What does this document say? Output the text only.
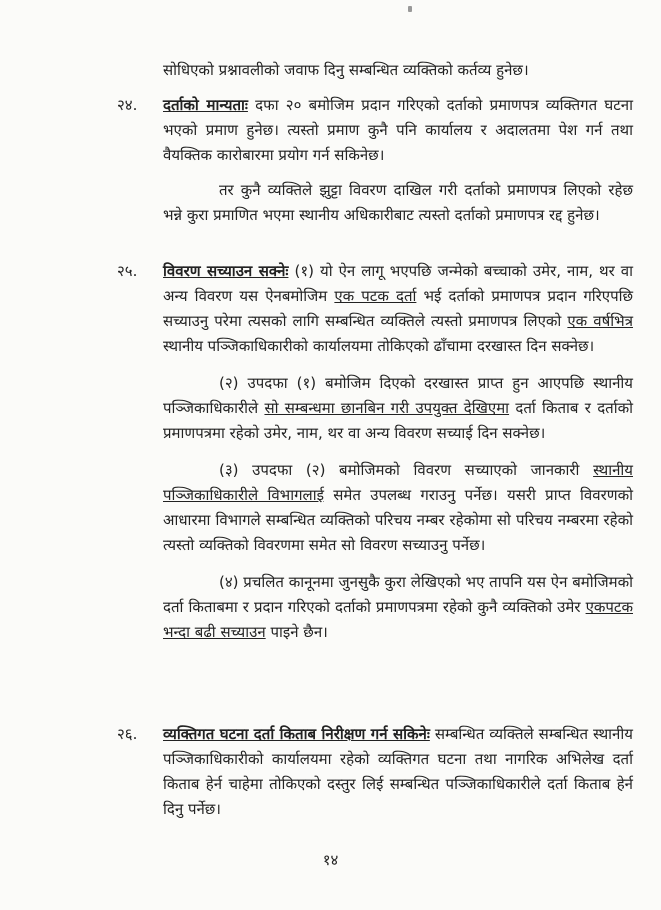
सोधिएको प्रश्नावलीको जवाफ दिनु सम्बन्धित व्यक्तिको कर्तव्य हुनेछ।

२४. दर्ताको मान्यताः दफा २० बमोजिम प्रदान गरिएको दर्ताको प्रमाणपत्र व्यक्तिगत घटना भएको प्रमाण हुनेछ। त्यस्तो प्रमाण कुनै पनि कार्यालय र अदालतमा पेश गर्न तथा वैयक्तिक कारोबारमा प्रयोग गर्न सकिनेछ।

तर कुनै व्यक्तिले झुट्टा विवरण दाखिल गरी दर्ताको प्रमाणपत्र लिएको रहेछ भन्ने कुरा प्रमाणित भएमा स्थानीय अधिकारीबाट त्यस्तो दर्ताको प्रमाणपत्र रद्द हुनेछ।

२५. विवरण सच्याउन सक्नेः (१) यो ऐन लागू भएपछि जन्मेको बच्चाको उमेर, नाम, थर वा अन्य विवरण यस ऐनबमोजिम एक पटक दर्ता भई दर्ताको प्रमाणपत्र प्रदान गरिएपछि सच्याउनु परेमा त्यसको लागि सम्बन्धित व्यक्तिले त्यस्तो प्रमाणपत्र लिएको एक वर्षभित्र स्थानीय पञ्जिकाधिकारीको कार्यालयमा तोकिएको ढाँचामा दरखास्त दिन सक्नेछ।

(२) उपदफा (१) बमोजिम दिएको दरखास्त प्राप्त हुन आएपछि स्थानीय पञ्जिकाधिकारीले सो सम्बन्धमा छानबिन गरी उपयुक्त देखिएमा दर्ता किताब र दर्ताको प्रमाणपत्रमा रहेको उमेर, नाम, थर वा अन्य विवरण सच्याई दिन सक्नेछ।

(३) उपदफा (२) बमोजिमको विवरण सच्याएको जानकारी स्थानीय पञ्जिकाधिकारीले विभागलाई समेत उपलब्ध गराउनु पर्नेछ। यसरी प्राप्त विवरणको आधारमा विभागले सम्बन्धित व्यक्तिको परिचय नम्बर रहेकोमा सो परिचय नम्बरमा रहेको त्यस्तो व्यक्तिको विवरणमा समेत सो विवरण सच्याउनु पर्नेछ।

(४) प्रचलित कानूनमा जुनसुकै कुरा लेखिएको भए तापनि यस ऐन बमोजिमको दर्ता किताबमा र प्रदान गरिएको दर्ताको प्रमाणपत्रमा रहेको कुनै व्यक्तिको उमेर एकपटक भन्दा बढी सच्याउन पाइने छैन।

२६. व्यक्तिगत घटना दर्ता किताब निरीक्षण गर्न सकिनेः सम्बन्धित व्यक्तिले सम्बन्धित स्थानीय पञ्जिकाधिकारीको कार्यालयमा रहेको व्यक्तिगत घटना तथा नागरिक अभिलेख दर्ता किताब हेर्न चाहेमा तोकिएको दस्तुर लिई सम्बन्धित पञ्जिकाधिकारीले दर्ता किताब हेर्न दिनु पर्नेछ।

१४
